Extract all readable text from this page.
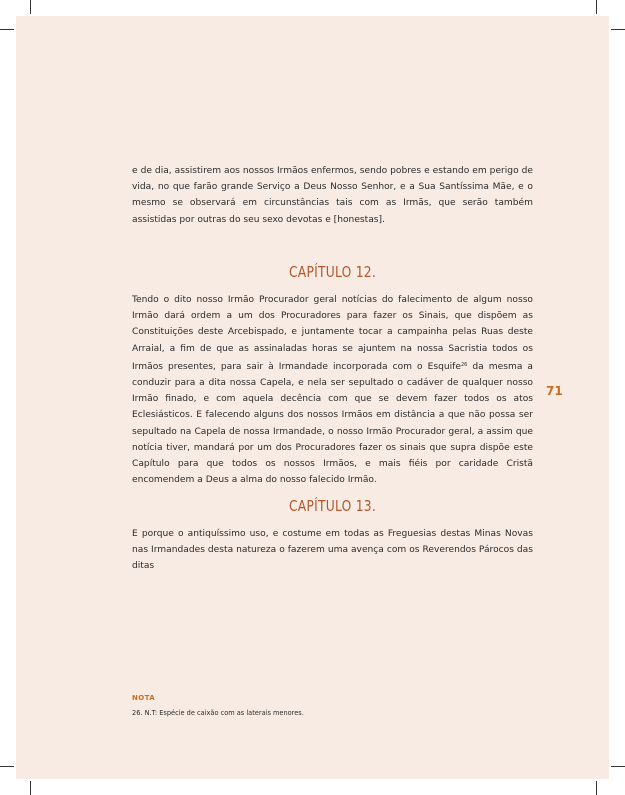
e de dia, assistirem aos nossos Irmãos enfermos, sendo pobres e estando em perigo de vida, no que farão grande Serviço a Deus Nosso Senhor, e a Sua Santíssima Mãe, e o mesmo se observará em circunstâncias tais com as Irmãs, que serão também assistidas por outras do seu sexo devotas e [honestas].

CAPÍTULO 12.

Tendo o dito nosso Irmão Procurador geral notícias do falecimento de algum nosso Irmão dará ordem a um dos Procuradores para fazer os Sinais, que dispõem as Constituições deste Arcebispado, e juntamente tocar a campainha pelas Ruas deste Arraial, a fim de que as assinaladas horas se ajuntem na nossa Sacristia todos os Irmãos presentes, para sair à Irmandade incorporada com o Esquife$^{26}$ da mesma a conduzir para a dita nossa Capela, e nela ser sepultado o cadáver de qualquer nosso Irmão finado, e com aquela decência com que se devem fazer todos os atos Eclesiásticos. E falecendo alguns dos nossos Irmãos em distância a que não possa ser sepultado na Capela de nossa Irmandade, o nosso Irmão Procurador geral, a assim que notícia tiver, mandará por um dos Procuradores fazer os sinais que supra dispõe este Capítulo para que todos os nossos Irmãos, e mais fiéis por caridade Cristã encomendem a Deus a alma do nosso falecido Irmão.

71
CAPÍTULO 13.

E porque o antiquíssimo uso, e costume em todas as Freguesias destas Minas Novas nas Irmandades desta natureza o fazerem uma avença com os Reverendos Párocos das ditas

NOTA
26. N.T: Espécie de caixão com as laterais menores.
